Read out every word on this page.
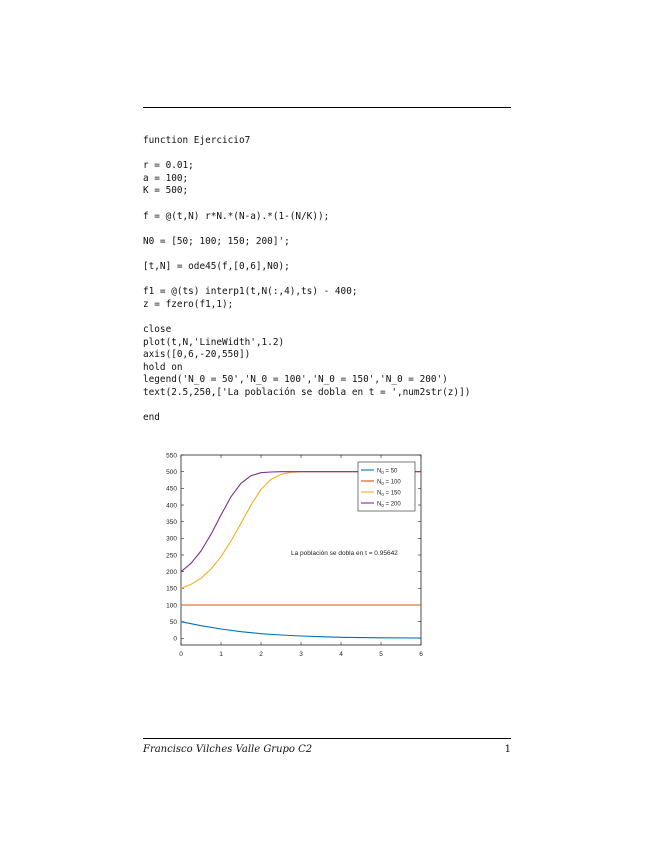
function Ejercicio7
r = 0.01;
a = 100;
K = 500;
f = @(t,N) r*N.*(N-a).*(1-(N/K));
N0 = [50; 100; 150; 200]';
[t,N] = ode45(f,[0,6],N0);
f1 = @(ts) interp1(t,N(:,4),ts) - 400;
z = fzero(f1,1);
close
plot(t,N,'LineWidth',1.2)
axis([0,6,-20,550])
hold on
legend('N_0 = 50','N_0 = 100','N_0 = 150','N_0 = 200')
text(2.5,250,['La población se dobla en t = ',num2str(z)])
end
0
50
100
150
200
250
300
350
400
450
500
550
0	1	2	3	4	5	6
La población se dobla en t = 0.95642
$N_0 = 50$
$N_0 = 100$
$N_0 = 150$
$N_0 = 200$
Francisco Vilches Valle Grupo C2	1
